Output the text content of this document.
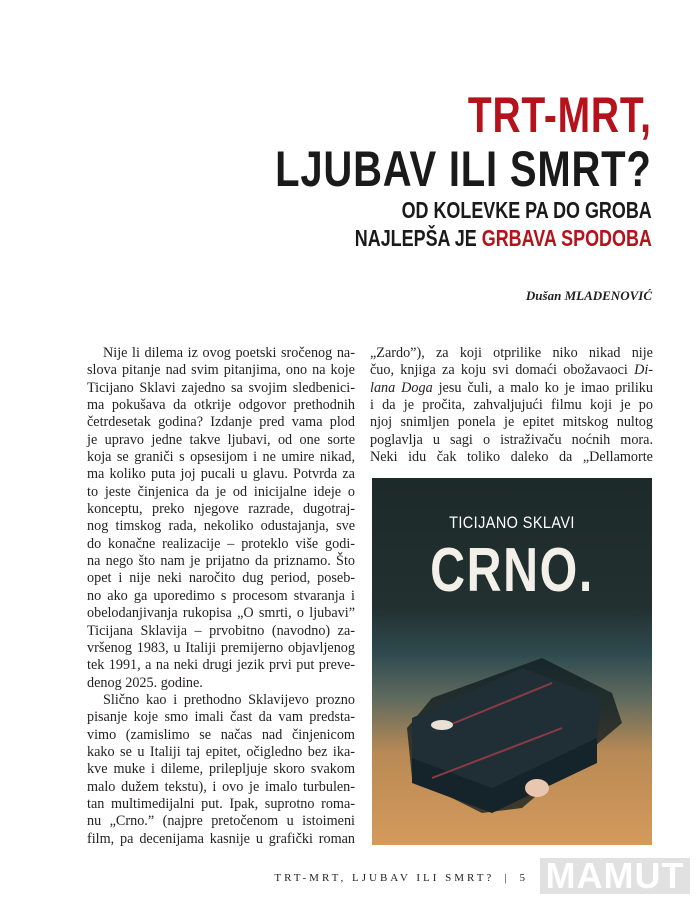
TRT-MRT,
LJUBAV ILI SMRT?
OD KOLEVKE PA DO GROBA
NAJLEPŠA JE GRBAVA SPODOBA
Dušan MLADENOVIĆ
Nije li dilema iz ovog poetski sročenog na-
slova pitanje nad svim pitanjima, ono na koje
Ticijano Sklavi zajedno sa svojim sledbenici-
ma pokušava da otkrije odgovor prethodnih
četrdesetak godina? Izdanje pred vama plod
je upravo jedne takve ljubavi, od one sorte
koja se graniči s opsesijom i ne umire nikad,
ma koliko puta joj pucali u glavu. Potvrda za
to jeste činjenica da je od inicijalne ideje o
konceptu, preko njegove razrade, dugotraj-
nog timskog rada, nekoliko odustajanja, sve
do konačne realizacije – proteklo više godi-
na nego što nam je prijatno da priznamo. Što
opet i nije neki naročito dug period, poseb-
no ako ga uporedimo s procesom stvaranja i
obelodanjivanja rukopisa „O smrti, o ljubavi”
Ticijana Sklavija – prvobitno (navodno) za-
vršenog 1983, u Italiji premijerno objavljenog
tek 1991, a na neki drugi jezik prvi put preve-
denog 2025. godine.
Slično kao i prethodno Sklavijevo prozno
pisanje koje smo imali čast da vam predsta-
vimo (zamislimo se načas nad činjenicom
kako se u Italiji taj epitet, očigledno bez ika-
kve muke i dileme, prilepljuje skoro svakom
malo dužem tekstu), i ovo je imalo turbulen-
tan multimedijalni put. Ipak, suprotno roma-
nu „Crno.” (najpre pretočenom u istoimeni
film, pa decenijama kasnije u grafički roman
„Zardo”), za koji otprilike niko nikad nije
čuo, knjiga za koju svi domaći obožavaoci Di-
lana Doga jesu čuli, a malo ko je imao priliku
i da je pročita, zahvaljujući filmu koji je po
njoj snimljen ponela je epitet mitskog nultog
poglavlja u sagi o istraživaču noćnih mora.
Neki idu čak toliko daleko da „Dellamorte
TICIJANO SKLAVI
CRNO.
MAMUT
TRT-MRT, LJUBAV ILI SMRT? | 5
